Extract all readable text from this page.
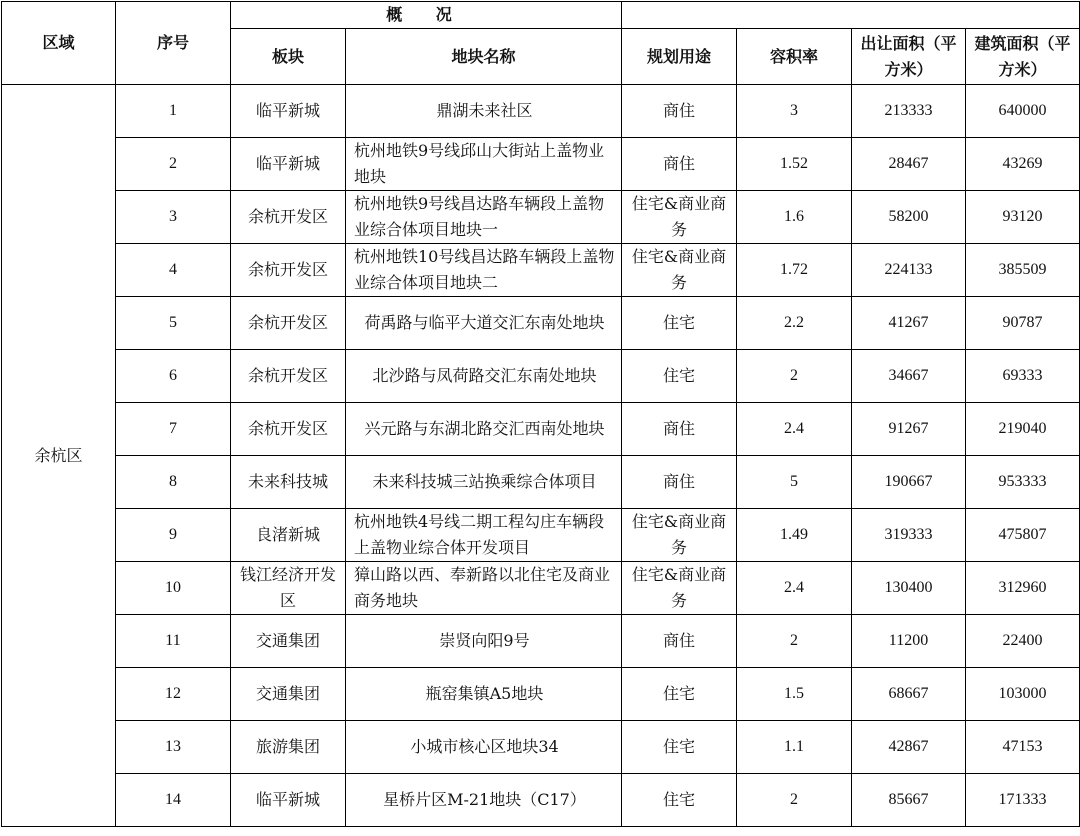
区域	序号	概 况					
		板块	地块名称	规划用途	容积率	出让面积（平方米）	建筑面积（平方米）
余杭区	1	临平新城	鼎湖未来社区	商住	3	213333	640000
	2	临平新城	杭州地铁9号线邱山大街站上盖物业地块	商住	1.52	28467	43269
	3	余杭开发区	杭州地铁9号线昌达路车辆段上盖物业综合体项目地块一	住宅&商业商务	1.6	58200	93120
	4	余杭开发区	杭州地铁10号线昌达路车辆段上盖物业综合体项目地块二	住宅&商业商务	1.72	224133	385509
	5	余杭开发区	荷禹路与临平大道交汇东南处地块	住宅	2.2	41267	90787
	6	余杭开发区	北沙路与凤荷路交汇东南处地块	住宅	2	34667	69333
	7	余杭开发区	兴元路与东湖北路交汇西南处地块	商住	2.4	91267	219040
	8	未来科技城	未来科技城三站换乘综合体项目	商住	5	190667	953333
	9	良渚新城	杭州地铁4号线二期工程勾庄车辆段上盖物业综合体开发项目	住宅&商业商务	1.49	319333	475807
	10	钱江经济开发区	獐山路以西、奉新路以北住宅及商业商务地块	住宅&商业商务	2.4	130400	312960
	11	交通集团	崇贤向阳9号	商住	2	11200	22400
	12	交通集团	瓶窑集镇A5地块	住宅	1.5	68667	103000
	13	旅游集团	小城市核心区地块34	住宅	1.1	42867	47153
	14	临平新城	星桥片区M-21地块（C17）	住宅	2	85667	171333
